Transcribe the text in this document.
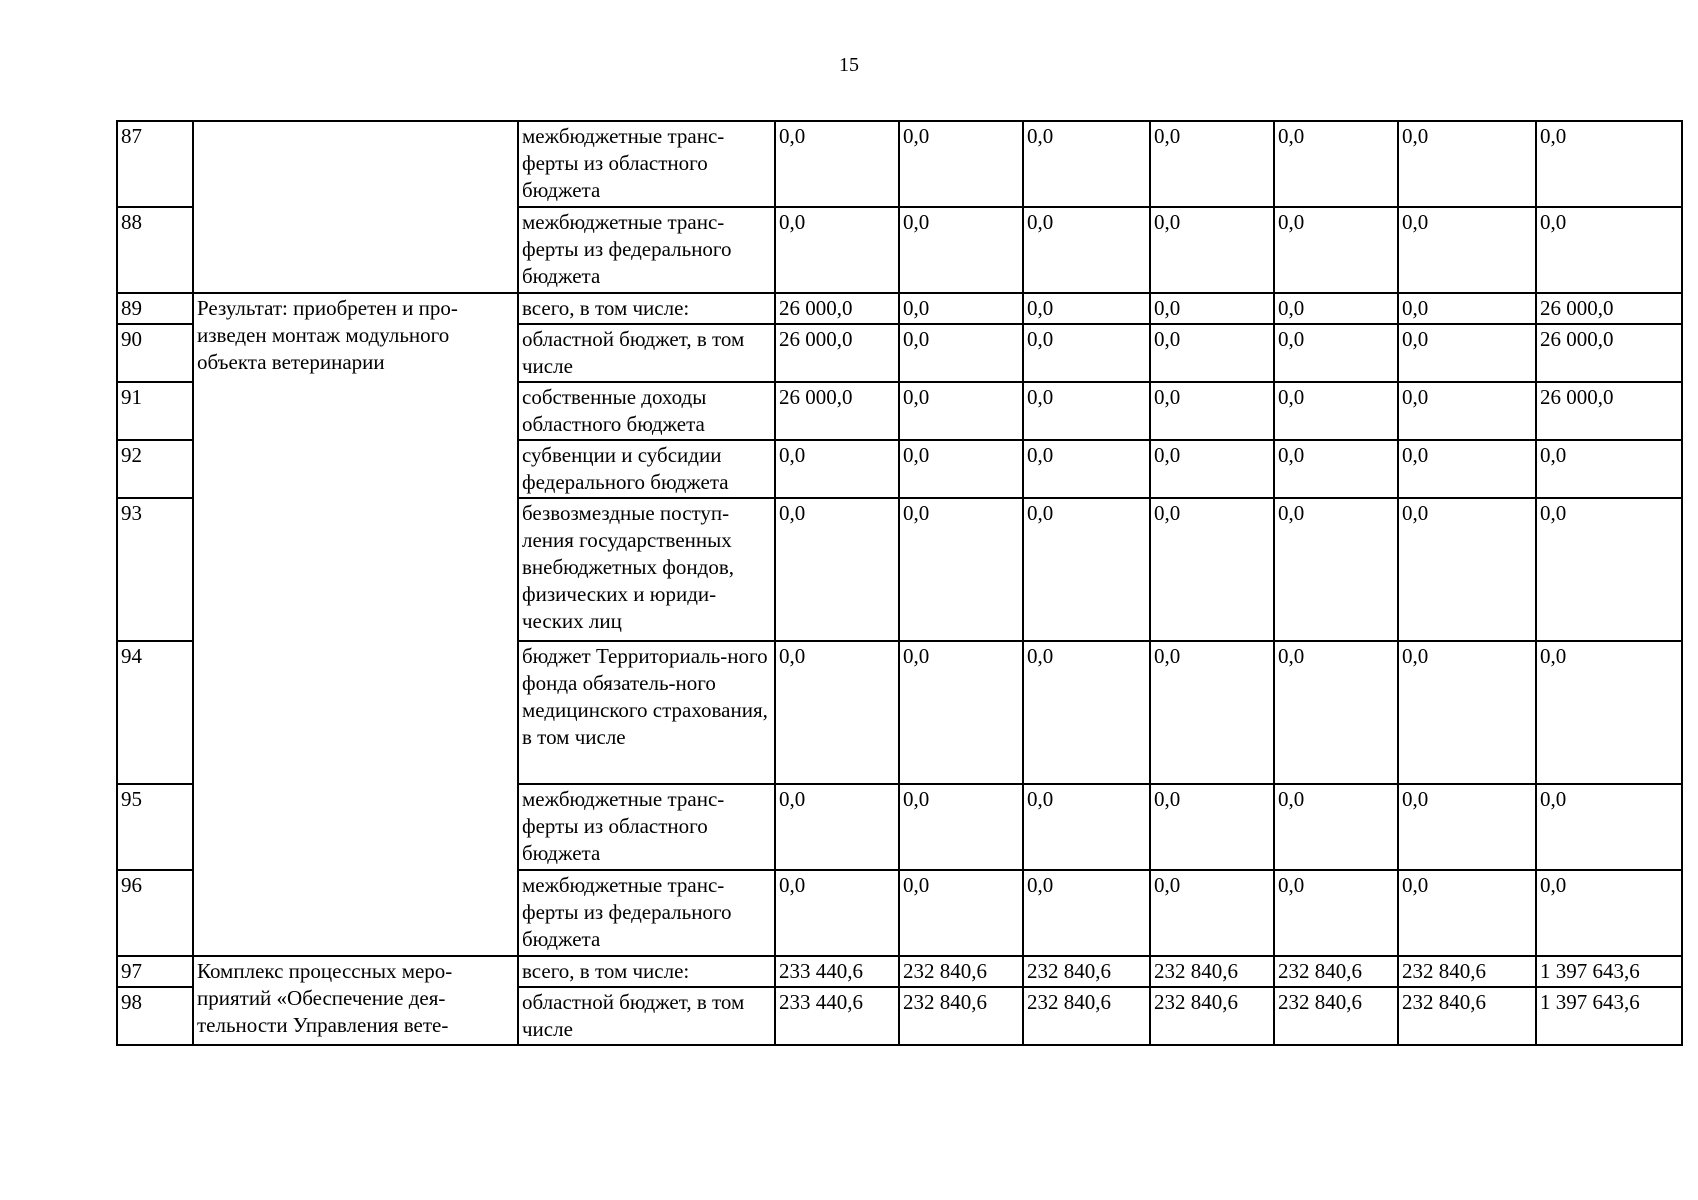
15
87		межбюджетные транс-ферты из областного бюджета	0,0	0,0	0,0	0,0	0,0	0,0	0,0
88		межбюджетные транс-ферты из федерального бюджета	0,0	0,0	0,0	0,0	0,0	0,0	0,0
89	Результат: приобретен и про-изведен монтаж модульного объекта ветеринарии	всего, в том числе:	26 000,0	0,0	0,0	0,0	0,0	0,0	26 000,0
90		областной бюджет, в том числе	26 000,0	0,0	0,0	0,0	0,0	0,0	26 000,0
91		собственные доходы областного бюджета	26 000,0	0,0	0,0	0,0	0,0	0,0	26 000,0
92		субвенции и субсидии федерального бюджета	0,0	0,0	0,0	0,0	0,0	0,0	0,0
93		безвозмездные поступ-ления государственных внебюджетных фондов, физических и юриди-ческих лиц	0,0	0,0	0,0	0,0	0,0	0,0	0,0
94		бюджет Территориаль-ного фонда обязатель-ного медицинского страхования, в том числе	0,0	0,0	0,0	0,0	0,0	0,0	0,0
95		межбюджетные транс-ферты из областного бюджета	0,0	0,0	0,0	0,0	0,0	0,0	0,0
96		межбюджетные транс-ферты из федерального бюджета	0,0	0,0	0,0	0,0	0,0	0,0	0,0
97	Комплекс процессных меро-приятий «Обеспечение дея-тельности Управления вете-	всего, в том числе:	233 440,6	232 840,6	232 840,6	232 840,6	232 840,6	232 840,6	1 397 643,6
98		областной бюджет, в том числе	233 440,6	232 840,6	232 840,6	232 840,6	232 840,6	232 840,6	1 397 643,6
